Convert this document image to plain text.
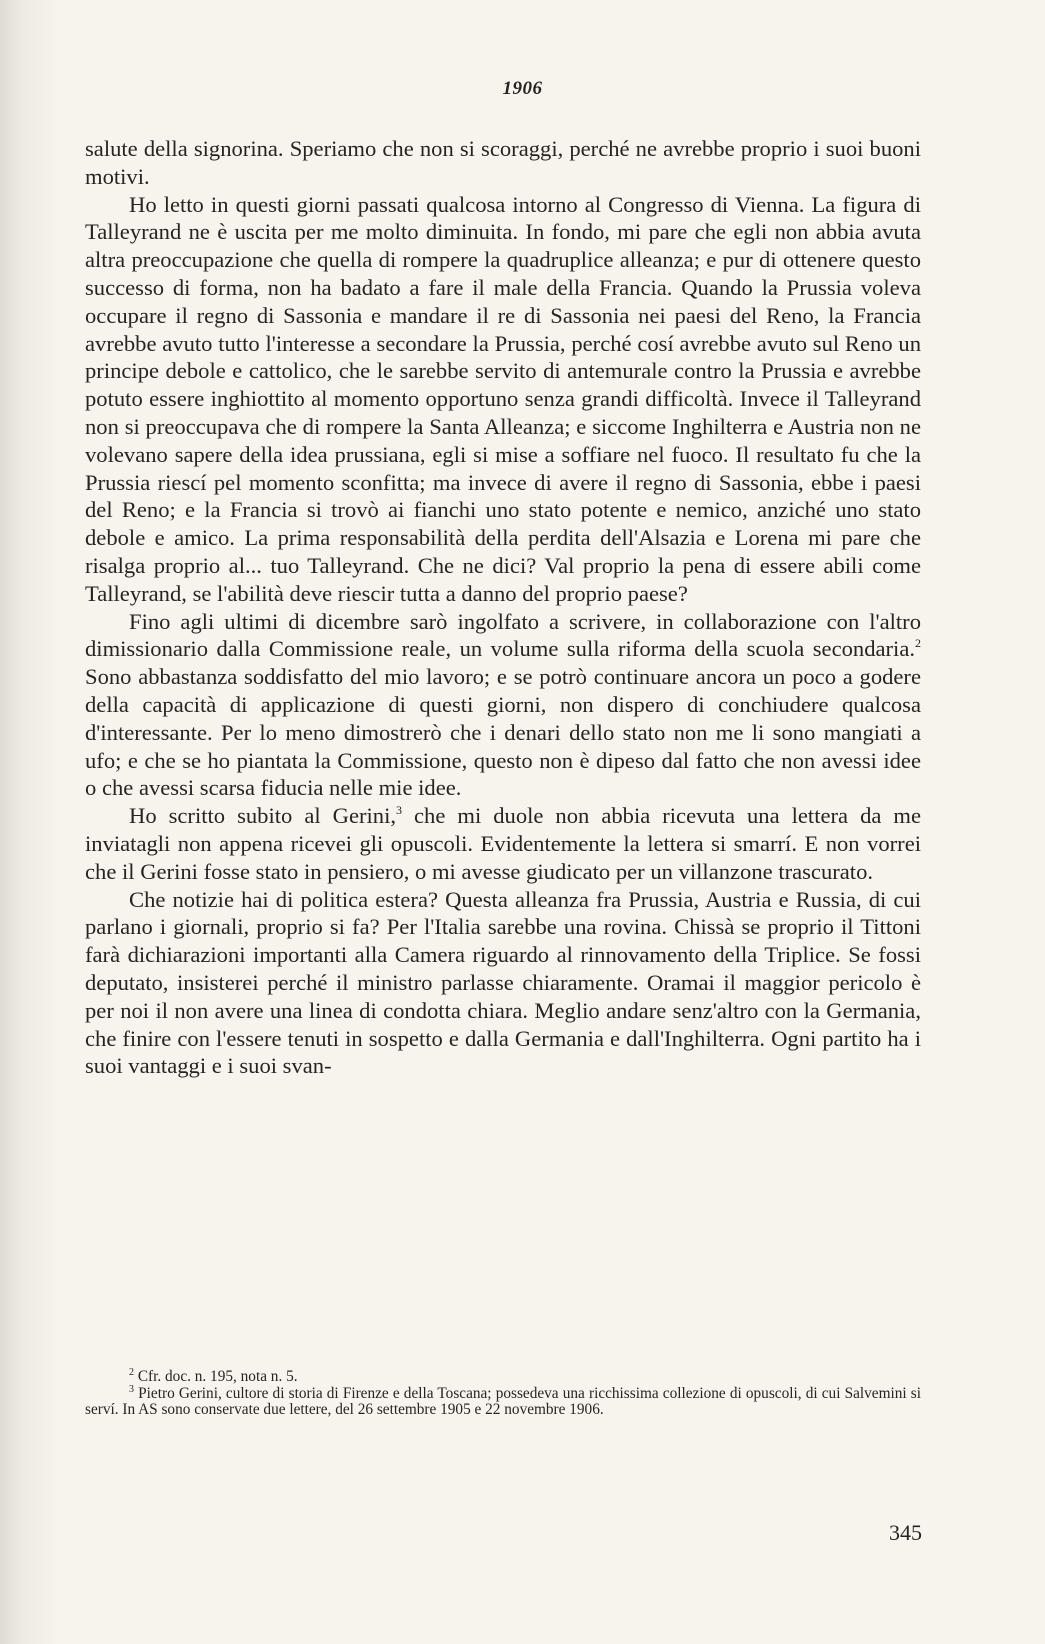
1906

salute della signorina. Speriamo che non si scoraggi, perché ne avrebbe proprio i suoi buoni motivi.

Ho letto in questi giorni passati qualcosa intorno al Congresso di Vienna. La figura di Talleyrand ne è uscita per me molto diminuita. In fondo, mi pare che egli non abbia avuta altra preoccupazione che quella di rompere la quadruplice alleanza; e pur di ottenere questo successo di forma, non ha badato a fare il male della Francia. Quando la Prussia voleva occupare il regno di Sassonia e mandare il re di Sassonia nei paesi del Reno, la Francia avrebbe avuto tutto l'interesse a secondare la Prussia, perché cosí avrebbe avuto sul Reno un principe debole e cattolico, che le sarebbe servito di antemurale contro la Prussia e avrebbe potuto essere inghiottito al momento opportuno senza grandi difficoltà. Invece il Talleyrand non si preoccupava che di rompere la Santa Alleanza; e siccome Inghilterra e Austria non ne volevano sapere della idea prussiana, egli si mise a soffiare nel fuoco. Il resultato fu che la Prussia riescí pel momento sconfitta; ma invece di avere il regno di Sassonia, ebbe i paesi del Reno; e la Francia si trovò ai fianchi uno stato potente e nemico, anziché uno stato debole e amico. La prima responsabilità della perdita dell'Alsazia e Lorena mi pare che risalga proprio al... tuo Talleyrand. Che ne dici? Val proprio la pena di essere abili come Talleyrand, se l'abilità deve riescir tutta a danno del proprio paese?

Fino agli ultimi di dicembre sarò ingolfato a scrivere, in collaborazione con l'altro dimissionario dalla Commissione reale, un volume sulla riforma della scuola secondaria.$^2$ Sono abbastanza soddisfatto del mio lavoro; e se potrò continuare ancora un poco a godere della capacità di applicazione di questi giorni, non dispero di conchiudere qualcosa d'interessante. Per lo meno dimostrerò che i denari dello stato non me li sono mangiati a ufo; e che se ho piantata la Commissione, questo non è dipeso dal fatto che non avessi idee o che avessi scarsa fiducia nelle mie idee.

Ho scritto subito al Gerini,$^3$ che mi duole non abbia ricevuta una lettera da me inviatagli non appena ricevei gli opuscoli. Evidentemente la lettera si smarrí. E non vorrei che il Gerini fosse stato in pensiero, o mi avesse giudicato per un villanzone trascurato.

Che notizie hai di politica estera? Questa alleanza fra Prussia, Austria e Russia, di cui parlano i giornali, proprio si fa? Per l'Italia sarebbe una rovina. Chissà se proprio il Tittoni farà dichiarazioni importanti alla Camera riguardo al rinnovamento della Triplice. Se fossi deputato, insisterei perché il ministro parlasse chiaramente. Oramai il maggior pericolo è per noi il non avere una linea di condotta chiara. Meglio andare senz'altro con la Germania, che finire con l'essere tenuti in sospetto e dalla Germania e dall'Inghilterra. Ogni partito ha i suoi vantaggi e i suoi svan-

$^2$ Cfr. doc. n. 195, nota n. 5.

$^3$ Pietro Gerini, cultore di storia di Firenze e della Toscana; possedeva una ricchissima collezione di opuscoli, di cui Salvemini si serví. In AS sono conservate due lettere, del 26 settembre 1905 e 22 novembre 1906.

345
